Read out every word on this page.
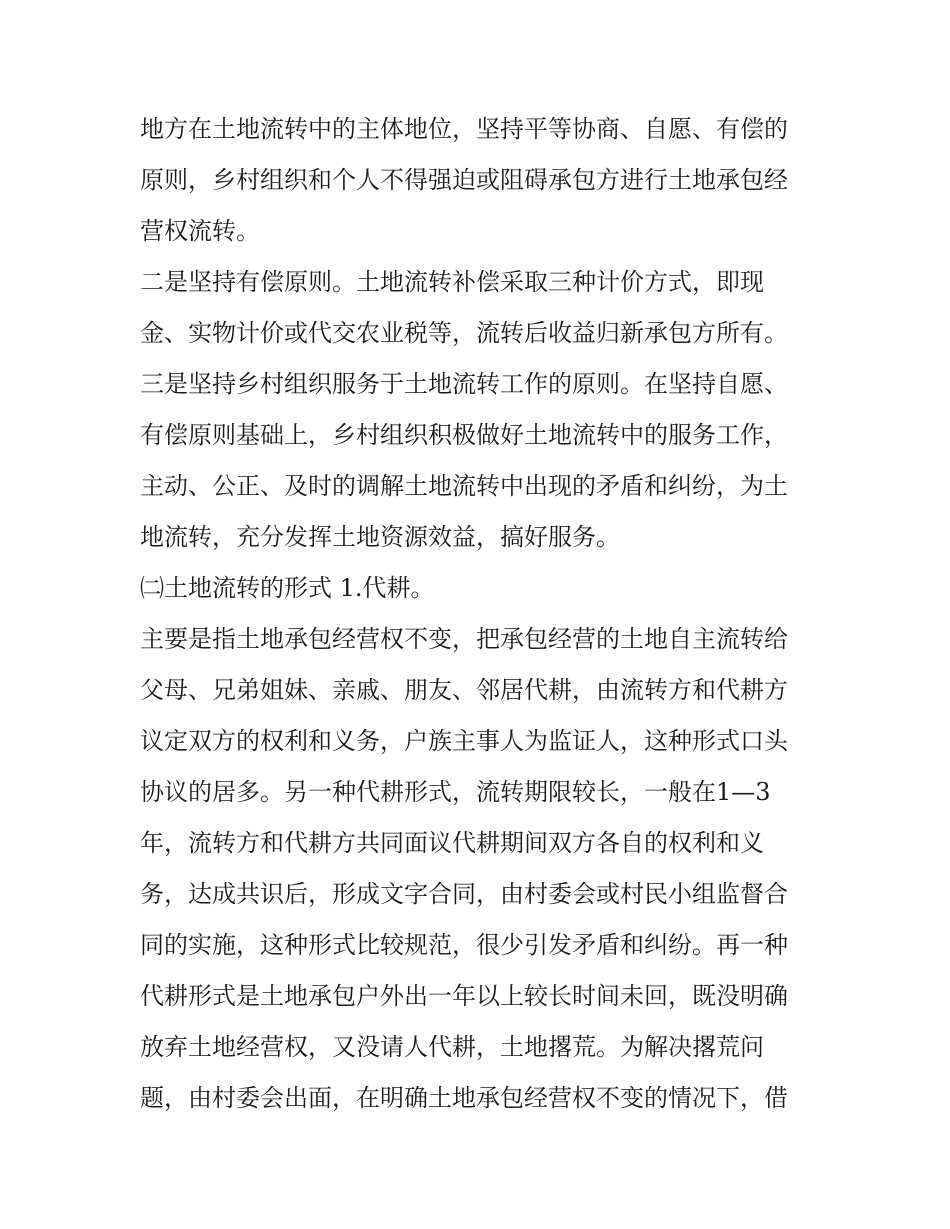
地方在土地流转中的主体地位，坚持平等协商、自愿、有偿的
原则，乡村组织和个人不得强迫或阻碍承包方进行土地承包经
营权流转。
二是坚持有偿原则。土地流转补偿采取三种计价方式，即现
金、实物计价或代交农业税等，流转后收益归新承包方所有。
三是坚持乡村组织服务于土地流转工作的原则。在坚持自愿、
有偿原则基础上，乡村组织积极做好土地流转中的服务工作，
主动、公正、及时的调解土地流转中出现的矛盾和纠纷，为土
地流转，充分发挥土地资源效益，搞好服务。
㈡土地流转的形式 1.代耕。
主要是指土地承包经营权不变，把承包经营的土地自主流转给
父母、兄弟姐妹、亲戚、朋友、邻居代耕，由流转方和代耕方
议定双方的权利和义务，户族主事人为监证人，这种形式口头
协议的居多。另一种代耕形式，流转期限较长，一般在1—3
年，流转方和代耕方共同面议代耕期间双方各自的权利和义
务，达成共识后，形成文字合同，由村委会或村民小组监督合
同的实施，这种形式比较规范，很少引发矛盾和纠纷。再一种
代耕形式是土地承包户外出一年以上较长时间未回，既没明确
放弃土地经营权，又没请人代耕，土地撂荒。为解决撂荒问
题，由村委会出面，在明确土地承包经营权不变的情况下，借
